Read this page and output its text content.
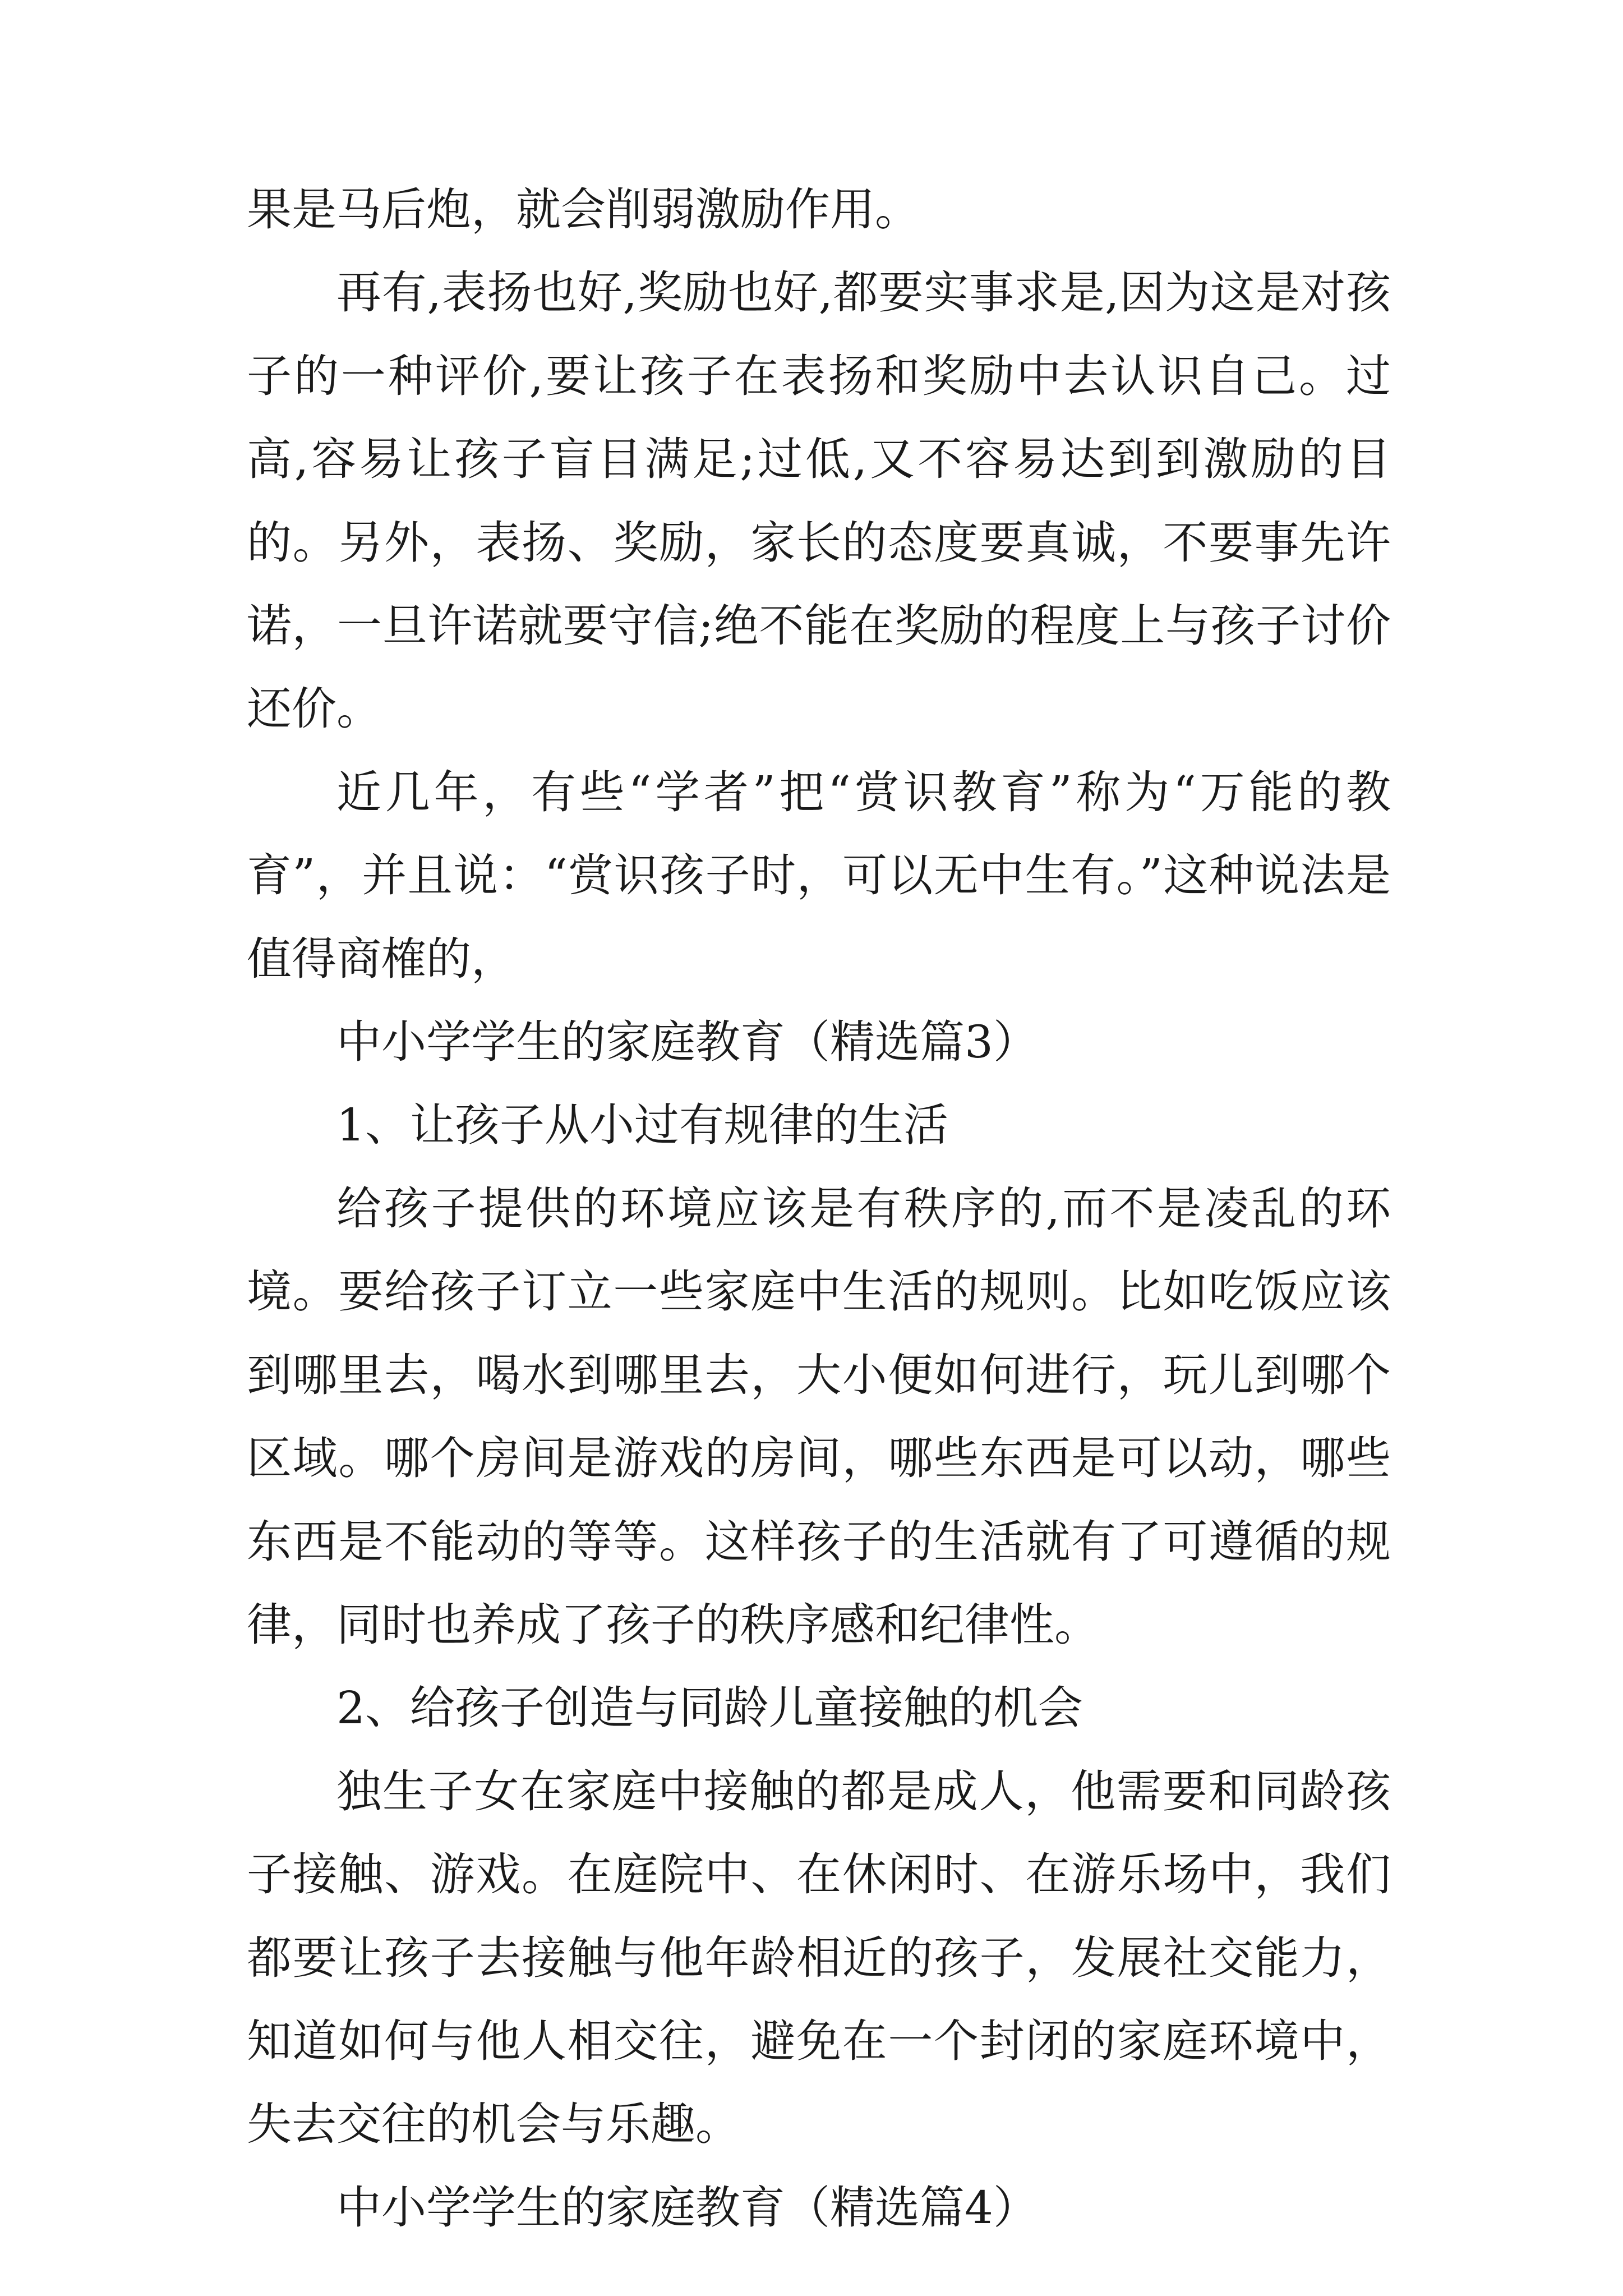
果是马后炮，就会削弱激励作用。

再有,表扬也好,奖励也好,都要实事求是,因为这是对孩子的一种评价,要让孩子在表扬和奖励中去认识自己。过高,容易让孩子盲目满足;过低,又不容易达到到激励的目的。另外，表扬、奖励，家长的态度要真诚，不要事先许诺，一旦许诺就要守信;绝不能在奖励的程度上与孩子讨价还价。

近几年，有些“学者”把“赏识教育”称为“万能的教育”，并且说：“赏识孩子时，可以无中生有。”这种说法是值得商榷的，

中小学学生的家庭教育（精选篇3）

1、让孩子从小过有规律的生活

给孩子提供的环境应该是有秩序的,而不是凌乱的环境。要给孩子订立一些家庭中生活的规则。比如吃饭应该到哪里去，喝水到哪里去，大小便如何进行，玩儿到哪个区域。哪个房间是游戏的房间，哪些东西是可以动，哪些东西是不能动的等等。这样孩子的生活就有了可遵循的规律，同时也养成了孩子的秩序感和纪律性。

2、给孩子创造与同龄儿童接触的机会

独生子女在家庭中接触的都是成人，他需要和同龄孩子接触、游戏。在庭院中、在休闲时、在游乐场中，我们都要让孩子去接触与他年龄相近的孩子，发展社交能力，知道如何与他人相交往，避免在一个封闭的家庭环境中，失去交往的机会与乐趣。

中小学学生的家庭教育（精选篇4）
